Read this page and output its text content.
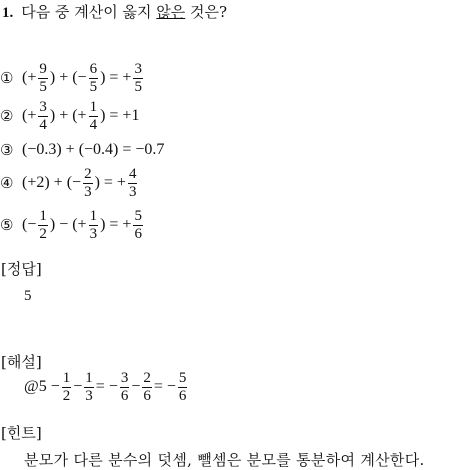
1. 다음 중 계산이 옳지 않은 것은?
① (+ $\frac{9}{5}$ ) + (− $\frac{6}{5}$ ) = + $\frac{3}{5}$
② (+ $\frac{3}{4}$ ) + (+ $\frac{1}{4}$ ) = +1
③ (−0.3) + (−0.4) = −0.7
④ (+2) + (− $\frac{2}{3}$ ) = + $\frac{4}{3}$
⑤ (− $\frac{1}{2}$ ) − (+ $\frac{1}{3}$ ) = + $\frac{5}{6}$
[정답]
5
[해설]
@5 − $\frac{1}{2} - \frac{1}{3}$ = − $\frac{3}{6} - \frac{2}{6}$ = − $\frac{5}{6}$
[힌트]
분모가 다른 분수의 덧셈, 뺄셈은 분모를 통분하여 계산한다.
